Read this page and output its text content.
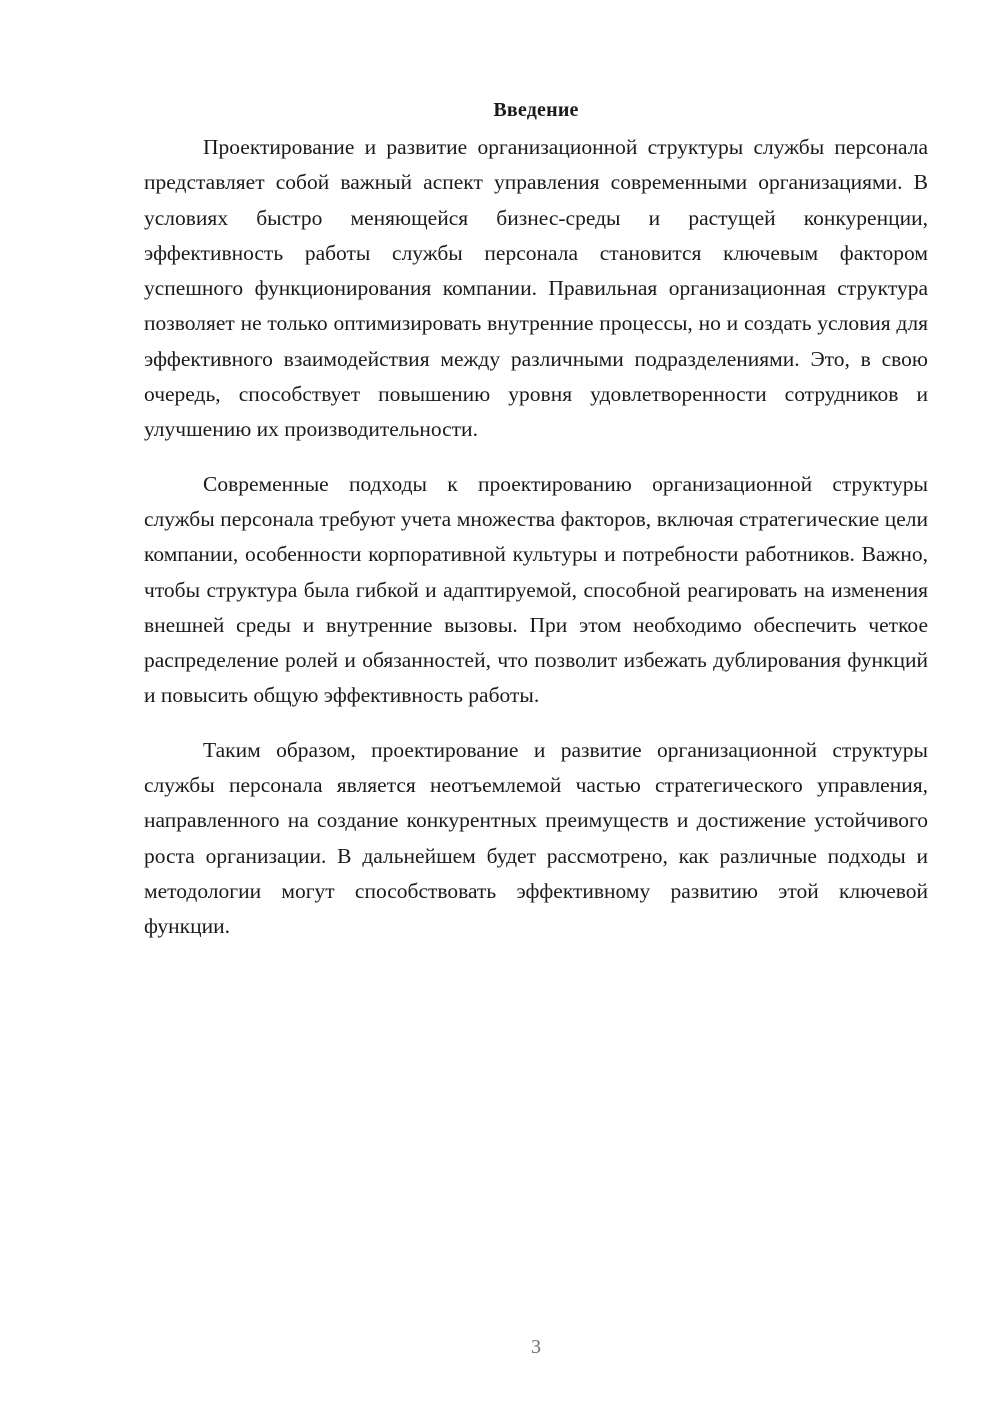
Введение

Проектирование и развитие организационной структуры службы персонала представляет собой важный аспект управления современными организациями. В условиях быстро меняющейся бизнес-среды и растущей конкуренции, эффективность работы службы персонала становится ключевым фактором успешного функционирования компании. Правильная организационная структура позволяет не только оптимизировать внутренние процессы, но и создать условия для эффективного взаимодействия между различными подразделениями. Это, в свою очередь, способствует повышению уровня удовлетворенности сотрудников и улучшению их производительности.

Современные подходы к проектированию организационной структуры службы персонала требуют учета множества факторов, включая стратегические цели компании, особенности корпоративной культуры и потребности работников. Важно, чтобы структура была гибкой и адаптируемой, способной реагировать на изменения внешней среды и внутренние вызовы. При этом необходимо обеспечить четкое распределение ролей и обязанностей, что позволит избежать дублирования функций и повысить общую эффективность работы.

Таким образом, проектирование и развитие организационной структуры службы персонала является неотъемлемой частью стратегического управления, направленного на создание конкурентных преимуществ и достижение устойчивого роста организации. В дальнейшем будет рассмотрено, как различные подходы и методологии могут способствовать эффективному развитию этой ключевой функции.

3
